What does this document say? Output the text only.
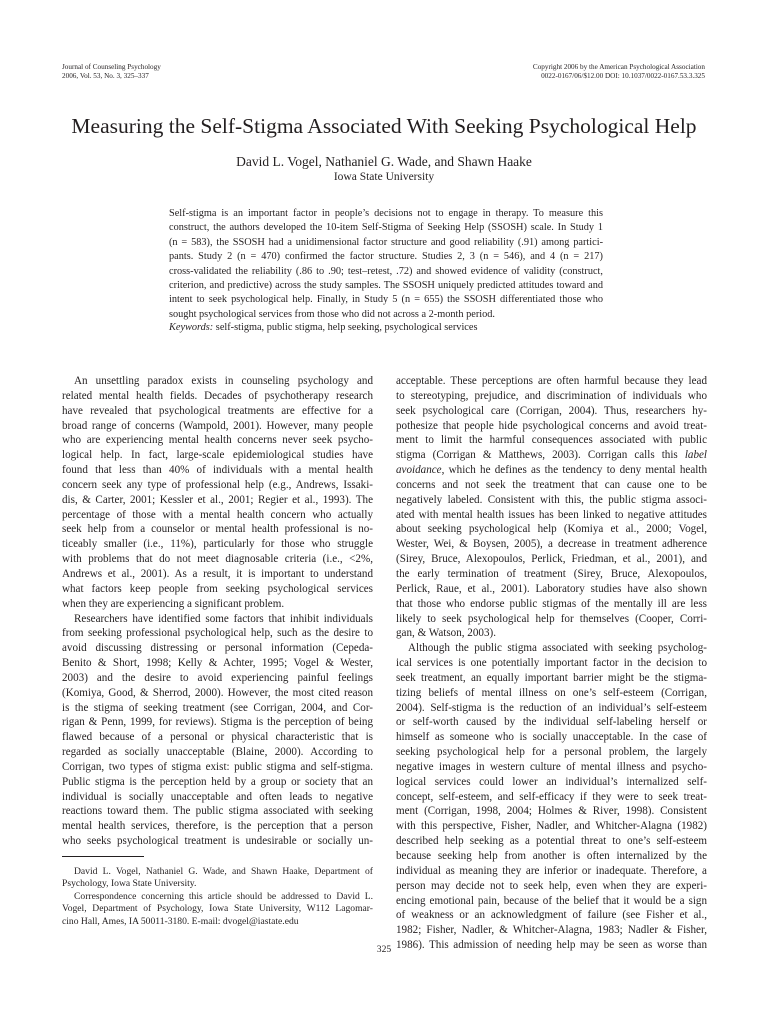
Journal of Counseling Psychology
2006, Vol. 53, No. 3, 325–337
Copyright 2006 by the American Psychological Association
0022-0167/06/$12.00 DOI: 10.1037/0022-0167.53.3.325
Measuring the Self-Stigma Associated With Seeking Psychological Help
David L. Vogel, Nathaniel G. Wade, and Shawn Haake
Iowa State University
Self-stigma is an important factor in people’s decisions not to engage in therapy. To measure this
construct, the authors developed the 10-item Self-Stigma of Seeking Help (SSOSH) scale. In Study 1
(n = 583), the SSOSH had a unidimensional factor structure and good reliability (.91) among partici-
pants. Study 2 (n = 470) confirmed the factor structure. Studies 2, 3 (n = 546), and 4 (n = 217)
cross-validated the reliability (.86 to .90; test–retest, .72) and showed evidence of validity (construct,
criterion, and predictive) across the study samples. The SSOSH uniquely predicted attitudes toward and
intent to seek psychological help. Finally, in Study 5 (n = 655) the SSOSH differentiated those who
sought psychological services from those who did not across a 2-month period.
Keywords: self-stigma, public stigma, help seeking, psychological services
An unsettling paradox exists in counseling psychology and
related mental health fields. Decades of psychotherapy research
have revealed that psychological treatments are effective for a
broad range of concerns (Wampold, 2001). However, many people
who are experiencing mental health concerns never seek psycho-
logical help. In fact, large-scale epidemiological studies have
found that less than 40% of individuals with a mental health
concern seek any type of professional help (e.g., Andrews, Issaki-
dis, & Carter, 2001; Kessler et al., 2001; Regier et al., 1993). The
percentage of those with a mental health concern who actually
seek help from a counselor or mental health professional is no-
ticeably smaller (i.e., 11%), particularly for those who struggle
with problems that do not meet diagnosable criteria (i.e., <2%,
Andrews et al., 2001). As a result, it is important to understand
what factors keep people from seeking psychological services
when they are experiencing a significant problem.
Researchers have identified some factors that inhibit individuals
from seeking professional psychological help, such as the desire to
avoid discussing distressing or personal information (Cepeda-
Benito & Short, 1998; Kelly & Achter, 1995; Vogel & Wester,
2003) and the desire to avoid experiencing painful feelings
(Komiya, Good, & Sherrod, 2000). However, the most cited reason
is the stigma of seeking treatment (see Corrigan, 2004, and Cor-
rigan & Penn, 1999, for reviews). Stigma is the perception of being
flawed because of a personal or physical characteristic that is
regarded as socially unacceptable (Blaine, 2000). According to
Corrigan, two types of stigma exist: public stigma and self-stigma.
Public stigma is the perception held by a group or society that an
individual is socially unacceptable and often leads to negative
reactions toward them. The public stigma associated with seeking
mental health services, therefore, is the perception that a person
who seeks psychological treatment is undesirable or socially un-
acceptable. These perceptions are often harmful because they lead
to stereotyping, prejudice, and discrimination of individuals who
seek psychological care (Corrigan, 2004). Thus, researchers hy-
pothesize that people hide psychological concerns and avoid treat-
ment to limit the harmful consequences associated with public
stigma (Corrigan & Matthews, 2003). Corrigan calls this label
avoidance, which he defines as the tendency to deny mental health
concerns and not seek the treatment that can cause one to be
negatively labeled. Consistent with this, the public stigma associ-
ated with mental health issues has been linked to negative attitudes
about seeking psychological help (Komiya et al., 2000; Vogel,
Wester, Wei, & Boysen, 2005), a decrease in treatment adherence
(Sirey, Bruce, Alexopoulos, Perlick, Friedman, et al., 2001), and
the early termination of treatment (Sirey, Bruce, Alexopoulos,
Perlick, Raue, et al., 2001). Laboratory studies have also shown
that those who endorse public stigmas of the mentally ill are less
likely to seek psychological help for themselves (Cooper, Corri-
gan, & Watson, 2003).
Although the public stigma associated with seeking psycholog-
ical services is one potentially important factor in the decision to
seek treatment, an equally important barrier might be the stigma-
tizing beliefs of mental illness on one’s self-esteem (Corrigan,
2004). Self-stigma is the reduction of an individual’s self-esteem
or self-worth caused by the individual self-labeling herself or
himself as someone who is socially unacceptable. In the case of
seeking psychological help for a personal problem, the largely
negative images in western culture of mental illness and psycho-
logical services could lower an individual’s internalized self-
concept, self-esteem, and self-efficacy if they were to seek treat-
ment (Corrigan, 1998, 2004; Holmes & River, 1998). Consistent
with this perspective, Fisher, Nadler, and Whitcher-Alagna (1982)
described help seeking as a potential threat to one’s self-esteem
because seeking help from another is often internalized by the
individual as meaning they are inferior or inadequate. Therefore, a
person may decide not to seek help, even when they are experi-
encing emotional pain, because of the belief that it would be a sign
of weakness or an acknowledgment of failure (see Fisher et al.,
1982; Fisher, Nadler, & Whitcher-Alagna, 1983; Nadler & Fisher,
1986). This admission of needing help may be seen as worse than
David L. Vogel, Nathaniel G. Wade, and Shawn Haake, Department of
Psychology, Iowa State University.
Correspondence concerning this article should be addressed to David L.
Vogel, Department of Psychology, Iowa State University, W112 Lagomar-
cino Hall, Ames, IA 50011-3180. E-mail: dvogel@iastate.edu
325
